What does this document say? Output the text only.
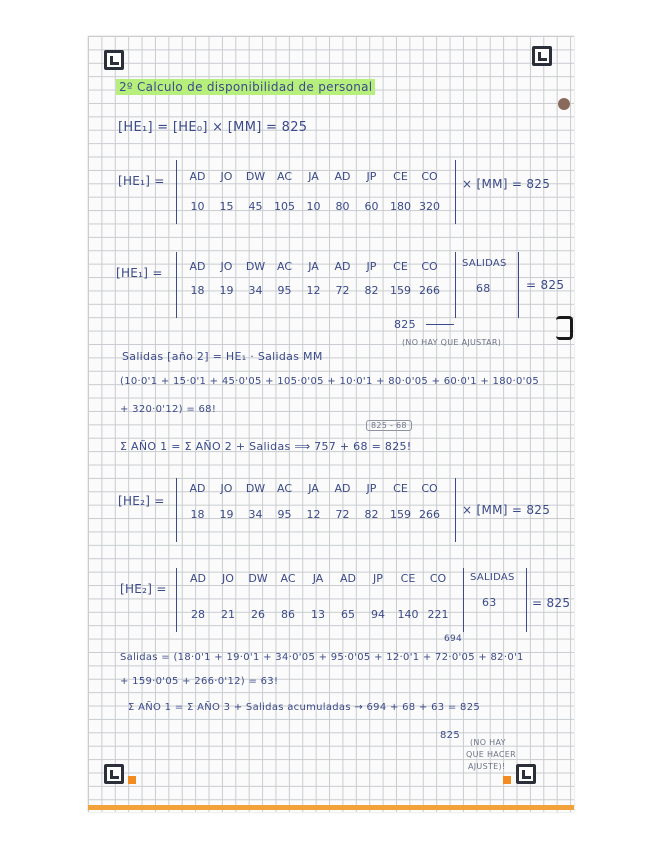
2º Calculo de disponibilidad de personal
[HE₁] = [HE₀] × [MM] = 825
[HE₁] =	AD	JO	DW	AC	JA	AD	JP	CE	CO
10	15	45	105	10	80	60	180 320
× [MM] = 825
[HE₁] =	AD	JO	DW	AC	JA	AD	JP	CE	CO
18	19	34	95	12	72	82	159 266
SALIDAS
68	= 825
825
(NO HAY QUE AJUSTAR)
Salidas [año 2] = HE₁ · Salidas MM
(10·0'1 + 15·0'1 + 45·0'05 + 105·0'05 + 10·0'1 + 80·0'05 + 60·0'1 + 180·0'05
+ 320·0'12) = 68!
825 - 68
Σ AÑO 1 = Σ AÑO 2 + Salidas ⟹ 757 + 68 = 825!
[HE₂] =
AD	JO	DW	AC	JA	AD	JP	CE	CO
18	19	34	95	12	72	82	159 266	× [MM] = 825
[HE₂] =
AD	JO	DW	AC	JA	AD	JP	CE	CO
28	21	26	86	13	65	94	140 221
SALIDAS
63	= 825
694
Salidas = (18·0'1 + 19·0'1 + 34·0'05 + 95·0'05 + 12·0'1 + 72·0'05 + 82·0'1
+ 159·0'05 + 266·0'12) = 63!
Σ AÑO 1 = Σ AÑO 3 + Salidas acumuladas → 694 + 68 + 63 = 825
825
(NO HAY
QUE HACER
AJUSTE)!
